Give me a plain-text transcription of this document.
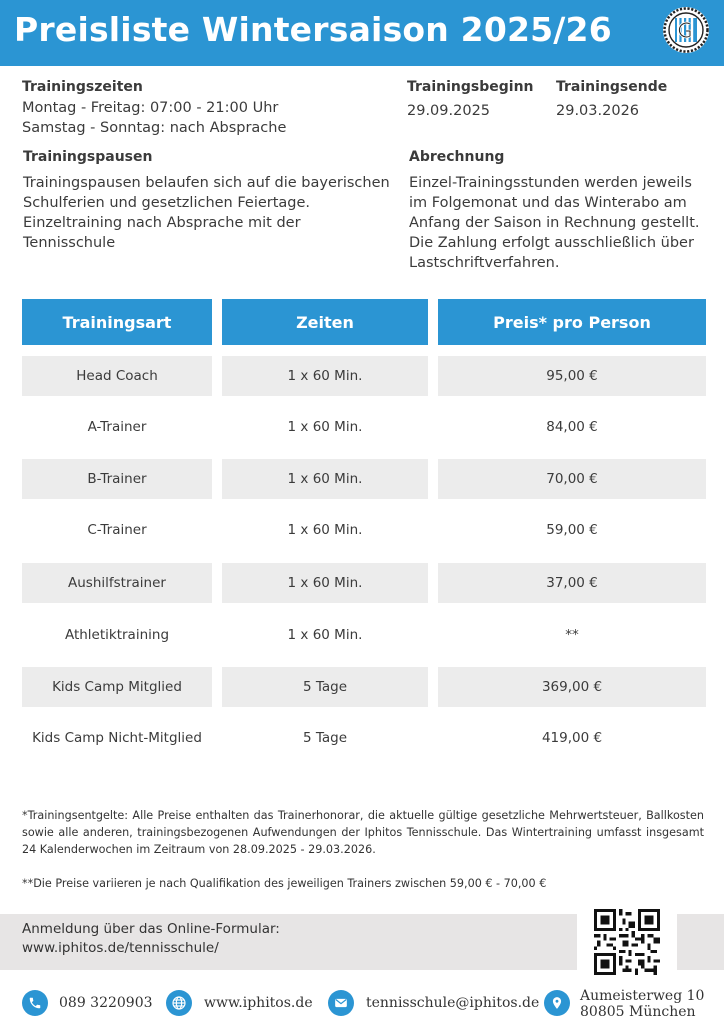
Preisliste Wintersaison 2025/26
Trainingszeiten
Montag - Freitag: 07:00 - 21:00 Uhr
Samstag - Sonntag: nach Absprache
Trainingsbeginn
29.09.2025
Trainingsende
29.03.2026
Trainingspausen
Trainingspausen belaufen sich auf die bayerischen
Schulferien und gesetzlichen Feiertage.
Einzeltraining nach Absprache mit der
Tennisschule
Abrechnung
Einzel-Trainingsstunden werden jeweils
im Folgemonat und das Winterabo am
Anfang der Saison in Rechnung gestellt.
Die Zahlung erfolgt ausschließlich über
Lastschriftverfahren.
Trainingsart	Zeiten	Preis* pro Person
Head Coach	1 x 60 Min.	95,00 €
A-Trainer	1 x 60 Min.	84,00 €
B-Trainer	1 x 60 Min.	70,00 €
C-Trainer	1 x 60 Min.	59,00 €
Aushilfstrainer	1 x 60 Min.	37,00 €
Athletiktraining	1 x 60 Min.	**
Kids Camp Mitglied	5 Tage	369,00 €
Kids Camp Nicht-Mitglied	5 Tage	419,00 €
*Trainingsentgelte: Alle Preise enthalten das Trainerhonorar, die aktuelle gültige gesetzliche Mehrwertsteuer, Ballkosten sowie alle anderen, trainingsbezogenen Aufwendungen der Iphitos Tennisschule. Das Wintertraining umfasst insgesamt 24 Kalenderwochen im Zeitraum von 28.09.2025 - 29.03.2026.
**Die Preise variieren je nach Qualifikation des jeweiligen Trainers zwischen 59,00 € - 70,00 €
Anmeldung über das Online-Formular:
www.iphitos.de/tennisschule/
089 3220903	www.iphitos.de	tennisschule@iphitos.de	Aumeisterweg 10
80805 München
